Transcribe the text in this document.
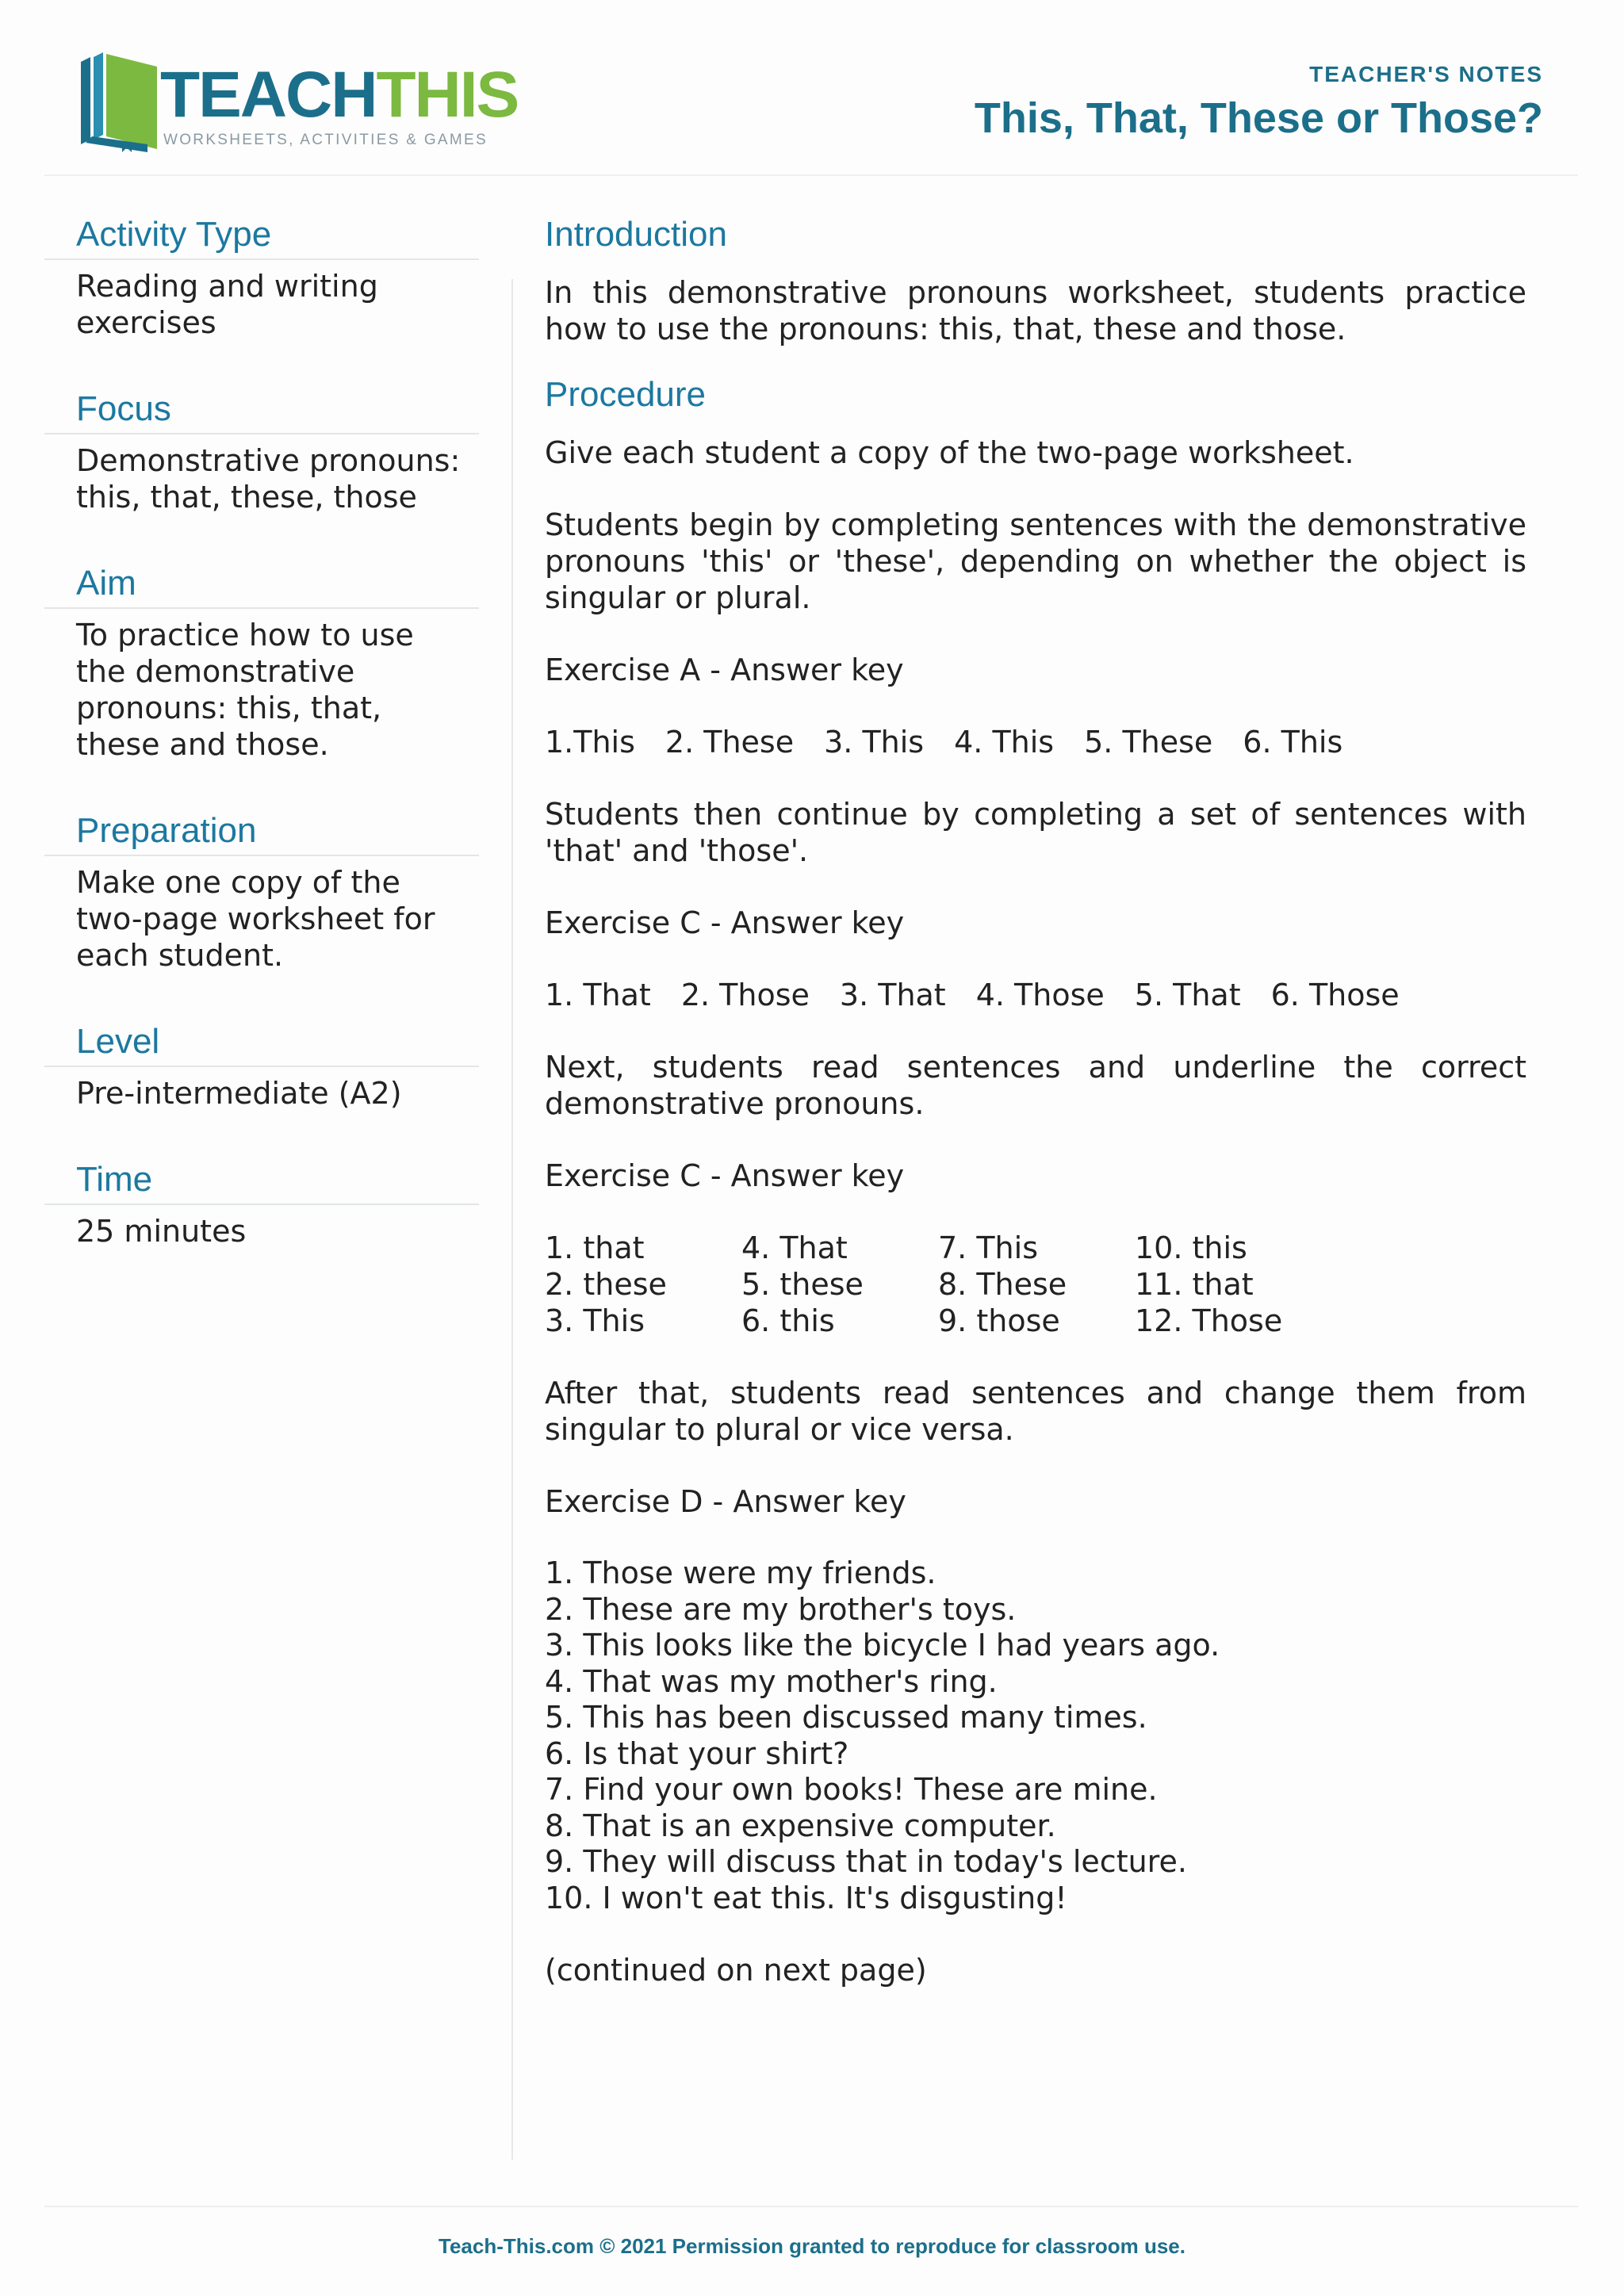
TEACHTHIS
WORKSHEETS, ACTIVITIES & GAMES
TEACHER'S NOTES
This, That, These or Those?
Activity Type
Reading and writing exercises
Focus
Demonstrative pronouns: this, that, these, those
Aim
To practice how to use the demonstrative pronouns: this, that, these and those.
Preparation
Make one copy of the two-page worksheet for each student.
Level
Pre-intermediate (A2)
Time
25 minutes
Introduction

In this demonstrative pronouns worksheet, students practice how to use the pronouns: this, that, these and those.

Procedure

Give each student a copy of the two-page worksheet.

Students begin by completing sentences with the demonstrative pronouns 'this' or 'these', depending on whether the object is singular or plural.

Exercise A - Answer key

1.This 2. These 3. This 4. This 5. These 6. This

Students then continue by completing a set of sentences with 'that' and 'those'.

Exercise C - Answer key

1. That 2. Those 3. That 4. Those 5. That 6. Those

Next, students read sentences and underline the correct demonstrative pronouns.

Exercise C - Answer key

1. that	4. That	7. This	10. this
2. these	5. these	8. These	11. that
3. This	6. this	9. those	12. Those

After that, students read sentences and change them from singular to plural or vice versa.

Exercise D - Answer key

1. Those were my friends.
2. These are my brother's toys.
3. This looks like the bicycle I had years ago.
4. That was my mother's ring.
5. This has been discussed many times.
6. Is that your shirt?
7. Find your own books! These are mine.
8. That is an expensive computer.
9. They will discuss that in today's lecture.
10. I won't eat this. It's disgusting!

(continued on next page)

Teach-This.com © 2021 Permission granted to reproduce for classroom use.
